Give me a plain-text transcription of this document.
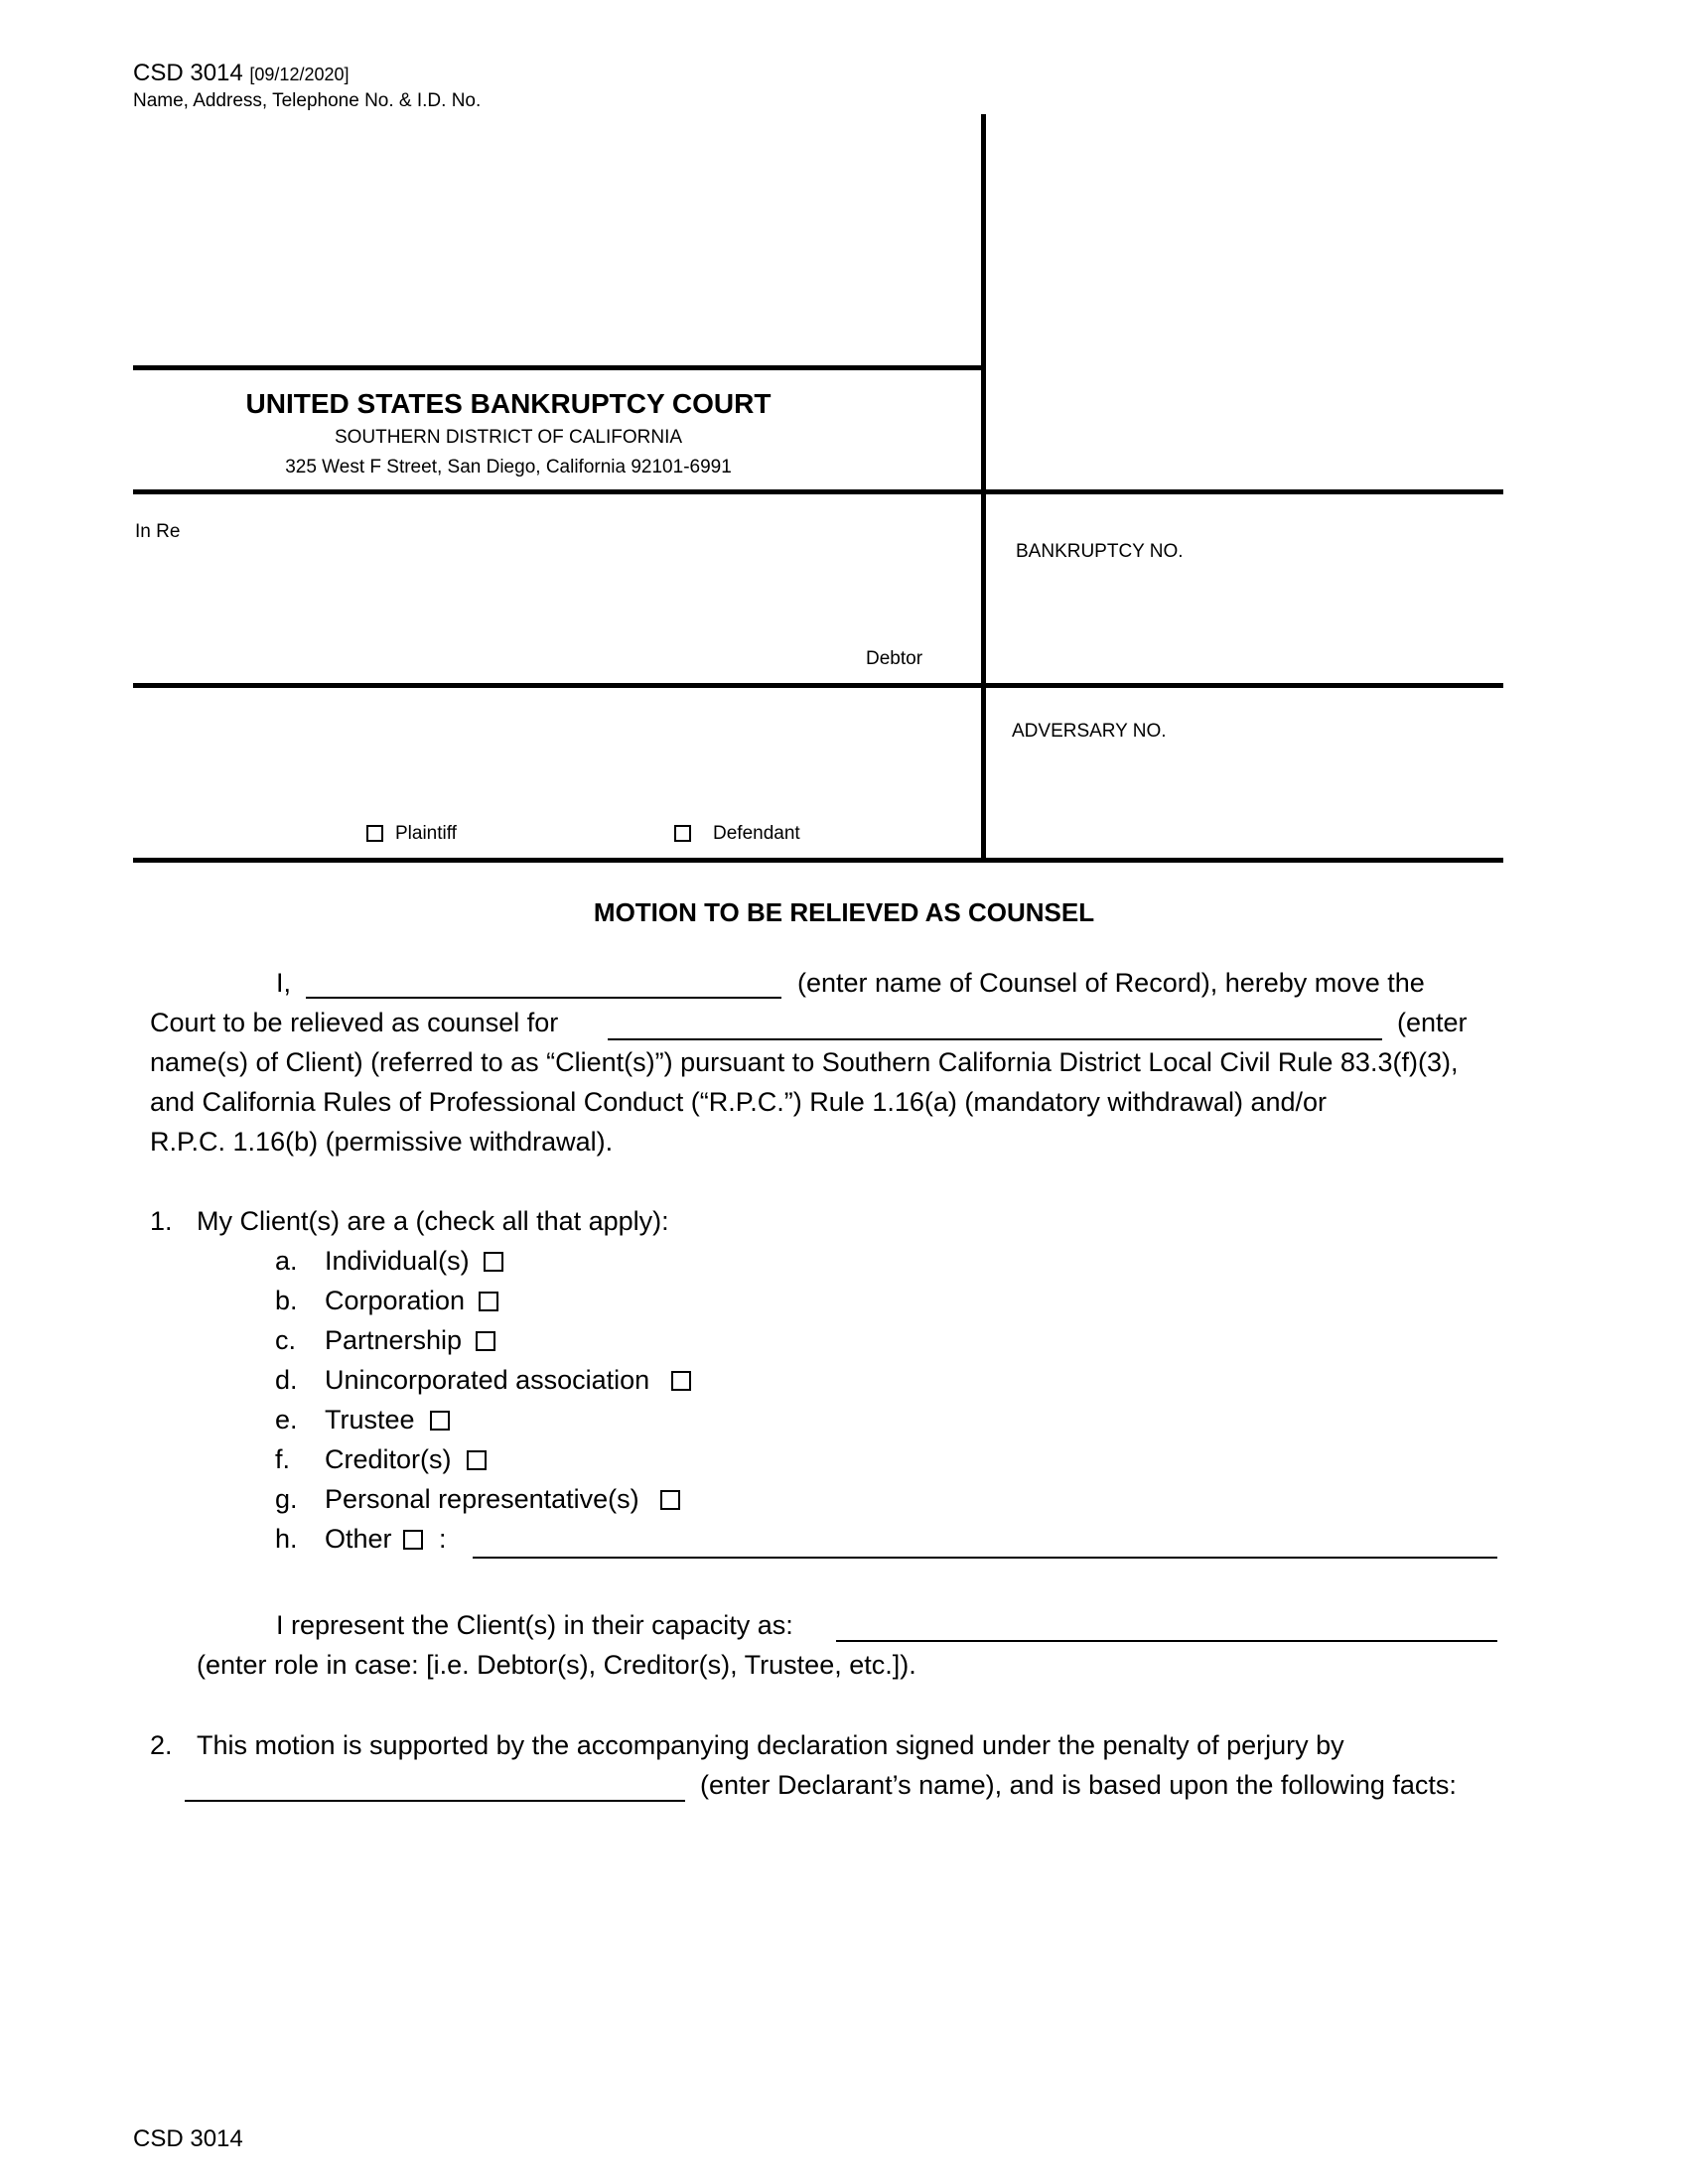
CSD 3014 [09/12/2020]
Name, Address, Telephone No. & I.D. No.
UNITED STATES BANKRUPTCY COURT
SOUTHERN DISTRICT OF CALIFORNIA
325 West F Street, San Diego, California 92101-6991
In Re
Debtor
BANKRUPTCY NO.
ADVERSARY NO.
Plaintiff	Defendant
MOTION TO BE RELIEVED AS COUNSEL
I,	(enter name of Counsel of Record), hereby move the
Court to be relieved as counsel for	(enter
name(s) of Client) (referred to as “Client(s)”) pursuant to Southern California District Local Civil Rule 83.3(f)(3),
and California Rules of Professional Conduct (“R.P.C.”) Rule 1.16(a) (mandatory withdrawal) and/or
R.P.C. 1.16(b) (permissive withdrawal).
1. My Client(s) are a (check all that apply):
a. Individual(s)
b. Corporation
c. Partnership
d. Unincorporated association
e. Trustee
f. Creditor(s)
g. Personal representative(s)
h. Other :
I represent the Client(s) in their capacity as:
(enter role in case: [i.e. Debtor(s), Creditor(s), Trustee, etc.]).
2. This motion is supported by the accompanying declaration signed under the penalty of perjury by
(enter Declarant’s name), and is based upon the following facts:
CSD 3014
